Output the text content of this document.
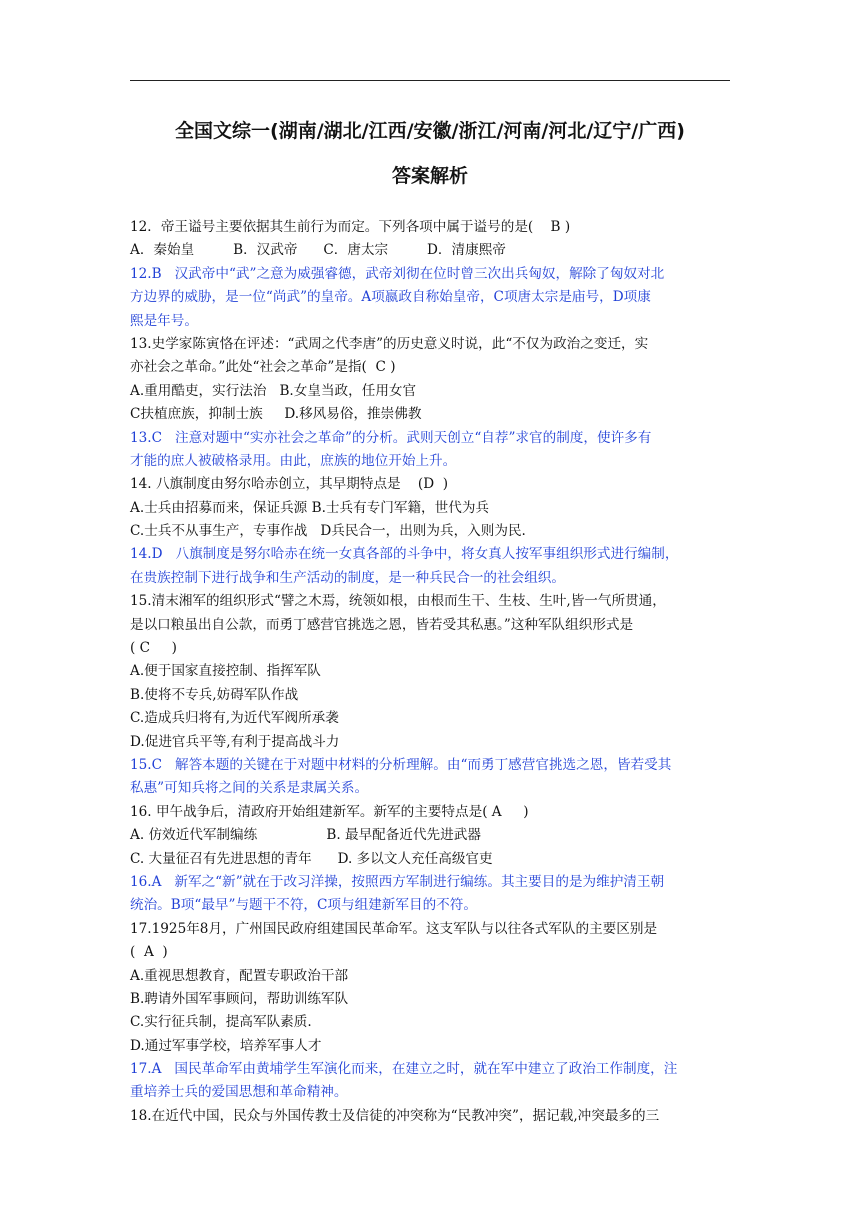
全国文综一(湖南/湖北/江西/安徽/浙江/河南/河北/辽宁/广西)
答案解析
12．帝王谥号主要依据其生前行为而定。下列各项中属于谥号的是(    B )
A．秦始皇         B．汉武帝      C．唐太宗         D．清康熙帝
12.B   汉武帝中“武”之意为威强睿德，武帝刘彻在位时曾三次出兵匈奴，解除了匈奴对北
方边界的威胁，是一位“尚武”的皇帝。A项嬴政自称始皇帝，C项唐太宗是庙号，D项康
熙是年号。
13.史学家陈寅恪在评述：“武周之代李唐”的历史意义时说，此“不仅为政治之变迁，实
亦社会之革命。”此处“社会之革命”是指(  C )
A.重用酷吏，实行法治   B.女皇当政，任用女官
C扶植庶族，抑制士族     D.移风易俗，推崇佛教
13.C   注意对题中“实亦社会之革命”的分析。武则天创立“自荐”求官的制度，使许多有
才能的庶人被破格录用。由此，庶族的地位开始上升。
14. 八旗制度由努尔哈赤创立，其早期特点是    (D  )
A.士兵由招募而来，保证兵源 B.士兵有专门军籍，世代为兵
C.士兵不从事生产，专事作战   D兵民合一，出则为兵，入则为民.
14.D   八旗制度是努尔哈赤在统一女真各部的斗争中，将女真人按军事组织形式进行编制，
在贵族控制下进行战争和生产活动的制度，是一种兵民合一的社会组织。
15.清末湘军的组织形式“譬之木焉，统领如根，由根而生干、生枝、生叶,皆一气所贯通，
是以口粮虽出自公款，而勇丁感营官挑选之恩，皆若受其私惠。”这种军队组织形式是
( C     )
A.便于国家直接控制、指挥军队
B.使将不专兵,妨碍军队作战
C.造成兵归将有,为近代军阀所承袭
D.促进官兵平等,有利于提高战斗力
15.C   解答本题的关键在于对题中材料的分析理解。由“而勇丁感营官挑选之恩，皆若受其
私惠”可知兵将之间的关系是隶属关系。
16. 甲午战争后，清政府开始组建新军。新军的主要特点是( A     )
A. 仿效近代军制编练                B. 最早配备近代先进武器
C. 大量征召有先进思想的青年      D. 多以文人充任高级官吏
16.A   新军之“新”就在于改习洋操，按照西方军制进行编练。其主要目的是为维护清王朝
统治。B项“最早”与题干不符，C项与组建新军目的不符。
17.1925年8月，广州国民政府组建国民革命军。这支军队与以往各式军队的主要区别是
(  A  )
A.重视思想教育，配置专职政治干部
B.聘请外国军事顾问，帮助训练军队
C.实行征兵制，提高军队素质.
D.通过军事学校，培养军事人才
17.A   国民革命军由黄埔学生军演化而来，在建立之时，就在军中建立了政治工作制度，注
重培养士兵的爱国思想和革命精神。
18.在近代中国，民众与外国传教士及信徒的冲突称为“民教冲突”，据记载,冲突最多的三
